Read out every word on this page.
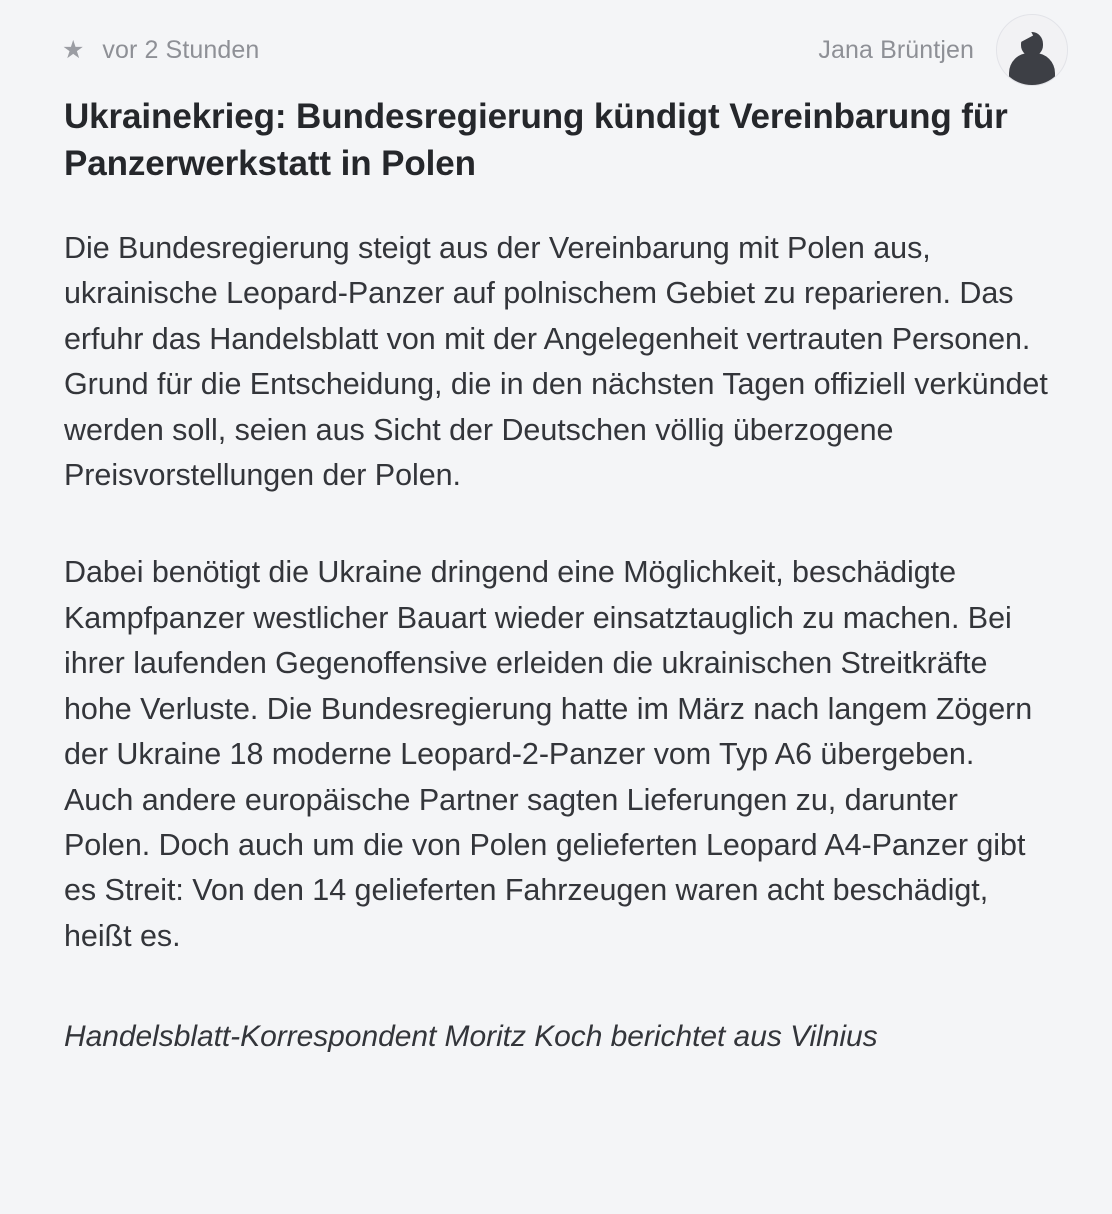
★ vor 2 Stunden	Jana Brüntjen
Ukrainekrieg: Bundesregierung kündigt Vereinbarung für Panzerwerkstatt in Polen

Die Bundesregierung steigt aus der Vereinbarung mit Polen aus, ukrainische Leopard-Panzer auf polnischem Gebiet zu reparieren. Das erfuhr das Handelsblatt von mit der Angelegenheit vertrauten Personen. Grund für die Entscheidung, die in den nächsten Tagen offiziell verkündet werden soll, seien aus Sicht der Deutschen völlig überzogene Preisvorstellungen der Polen.

Dabei benötigt die Ukraine dringend eine Möglichkeit, beschädigte Kampfpanzer westlicher Bauart wieder einsatztauglich zu machen. Bei ihrer laufenden Gegenoffensive erleiden die ukrainischen Streitkräfte hohe Verluste. Die Bundesregierung hatte im März nach langem Zögern der Ukraine 18 moderne Leopard-2-Panzer vom Typ A6 übergeben. Auch andere europäische Partner sagten Lieferungen zu, darunter Polen. Doch auch um die von Polen gelieferten Leopard A4-Panzer gibt es Streit: Von den 14 gelieferten Fahrzeugen waren acht beschädigt, heißt es.

Handelsblatt-Korrespondent Moritz Koch berichtet aus Vilnius
